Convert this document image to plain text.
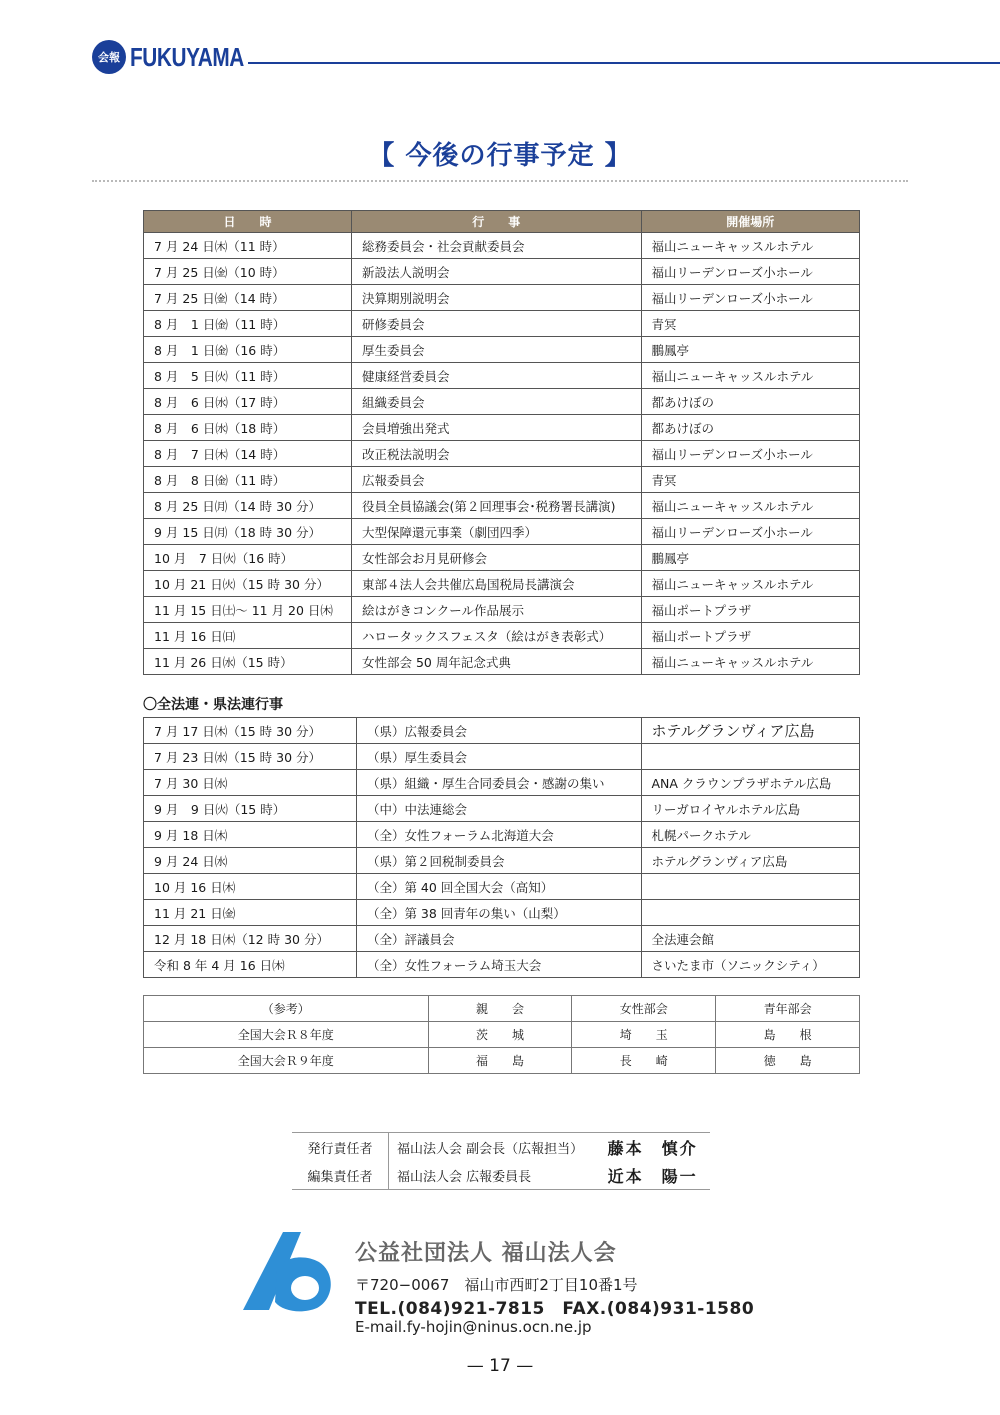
会報 FUKUYAMA
【 今後の行事予定 】
日　　時	行　　事	開催場所
7 月 24 日㈭（11 時）	総務委員会・社会貢献委員会	福山ニューキャッスルホテル
7 月 25 日㈮（10 時）	新設法人説明会	福山リーデンローズ小ホール
7 月 25 日㈮（14 時）	決算期別説明会	福山リーデンローズ小ホール
8 月　1 日㈮（11 時）	研修委員会	青冥
8 月　1 日㈮（16 時）	厚生委員会	鵬鳳亭
8 月　5 日㈫（11 時）	健康経営委員会	福山ニューキャッスルホテル
8 月　6 日㈬（17 時）	組織委員会	都あけぼの
8 月　6 日㈬（18 時）	会員増強出発式	都あけぼの
8 月　7 日㈭（14 時）	改正税法説明会	福山リーデンローズ小ホール
8 月　8 日㈮（11 時）	広報委員会	青冥
8 月 25 日㈪（14 時 30 分）	役員全員協議会(第２回理事会･税務署長講演)	福山ニューキャッスルホテル
9 月 15 日㈪（18 時 30 分）	大型保障還元事業（劇団四季）	福山リーデンローズ小ホール
10 月　7 日㈫（16 時）	女性部会お月見研修会	鵬鳳亭
10 月 21 日㈫（15 時 30 分）	東部４法人会共催広島国税局長講演会	福山ニューキャッスルホテル
11 月 15 日㈯～ 11 月 20 日㈭	絵はがきコンクール作品展示	福山ポートプラザ
11 月 16 日㈰	ハロータックスフェスタ（絵はがき表彰式）	福山ポートプラザ
11 月 26 日㈬（15 時）	女性部会 50 周年記念式典	福山ニューキャッスルホテル
〇全法連・県法連行事
7 月 17 日㈭（15 時 30 分）	（県）広報委員会	ホテルグランヴィア広島
7 月 23 日㈬（15 時 30 分）	（県）厚生委員会	
7 月 30 日㈬	（県）組織・厚生合同委員会・感謝の集い	ANA クラウンプラザホテル広島
9 月　9 日㈫（15 時）	（中）中法連総会	リーガロイヤルホテル広島
9 月 18 日㈭	（全）女性フォーラム北海道大会	札幌パークホテル
9 月 24 日㈬	（県）第２回税制委員会	ホテルグランヴィア広島
10 月 16 日㈭	（全）第 40 回全国大会（高知）	
11 月 21 日㈮	（全）第 38 回青年の集い（山梨）	
12 月 18 日㈭（12 時 30 分）	（全）評議員会	全法連会館
令和 8 年 4 月 16 日㈭	（全）女性フォーラム埼玉大会	さいたま市（ソニックシティ）
（参考）	親　　会	女性部会	青年部会
全国大会Ｒ８年度	茨　　城	埼　　玉	島　　根
全国大会Ｒ９年度	福　　島	長　　崎	徳　　島
発行責任者	福山法人会 副会長（広報担当）	藤本　慎介
編集責任者	福山法人会 広報委員長	近本　陽一
公益社団法人 福山法人会
〒720−0067　福山市西町2丁目10番1号
TEL.(084)921-7815　FAX.(084)931-1580
E-mail.fy-hojin@ninus.ocn.ne.jp
— 17 —
